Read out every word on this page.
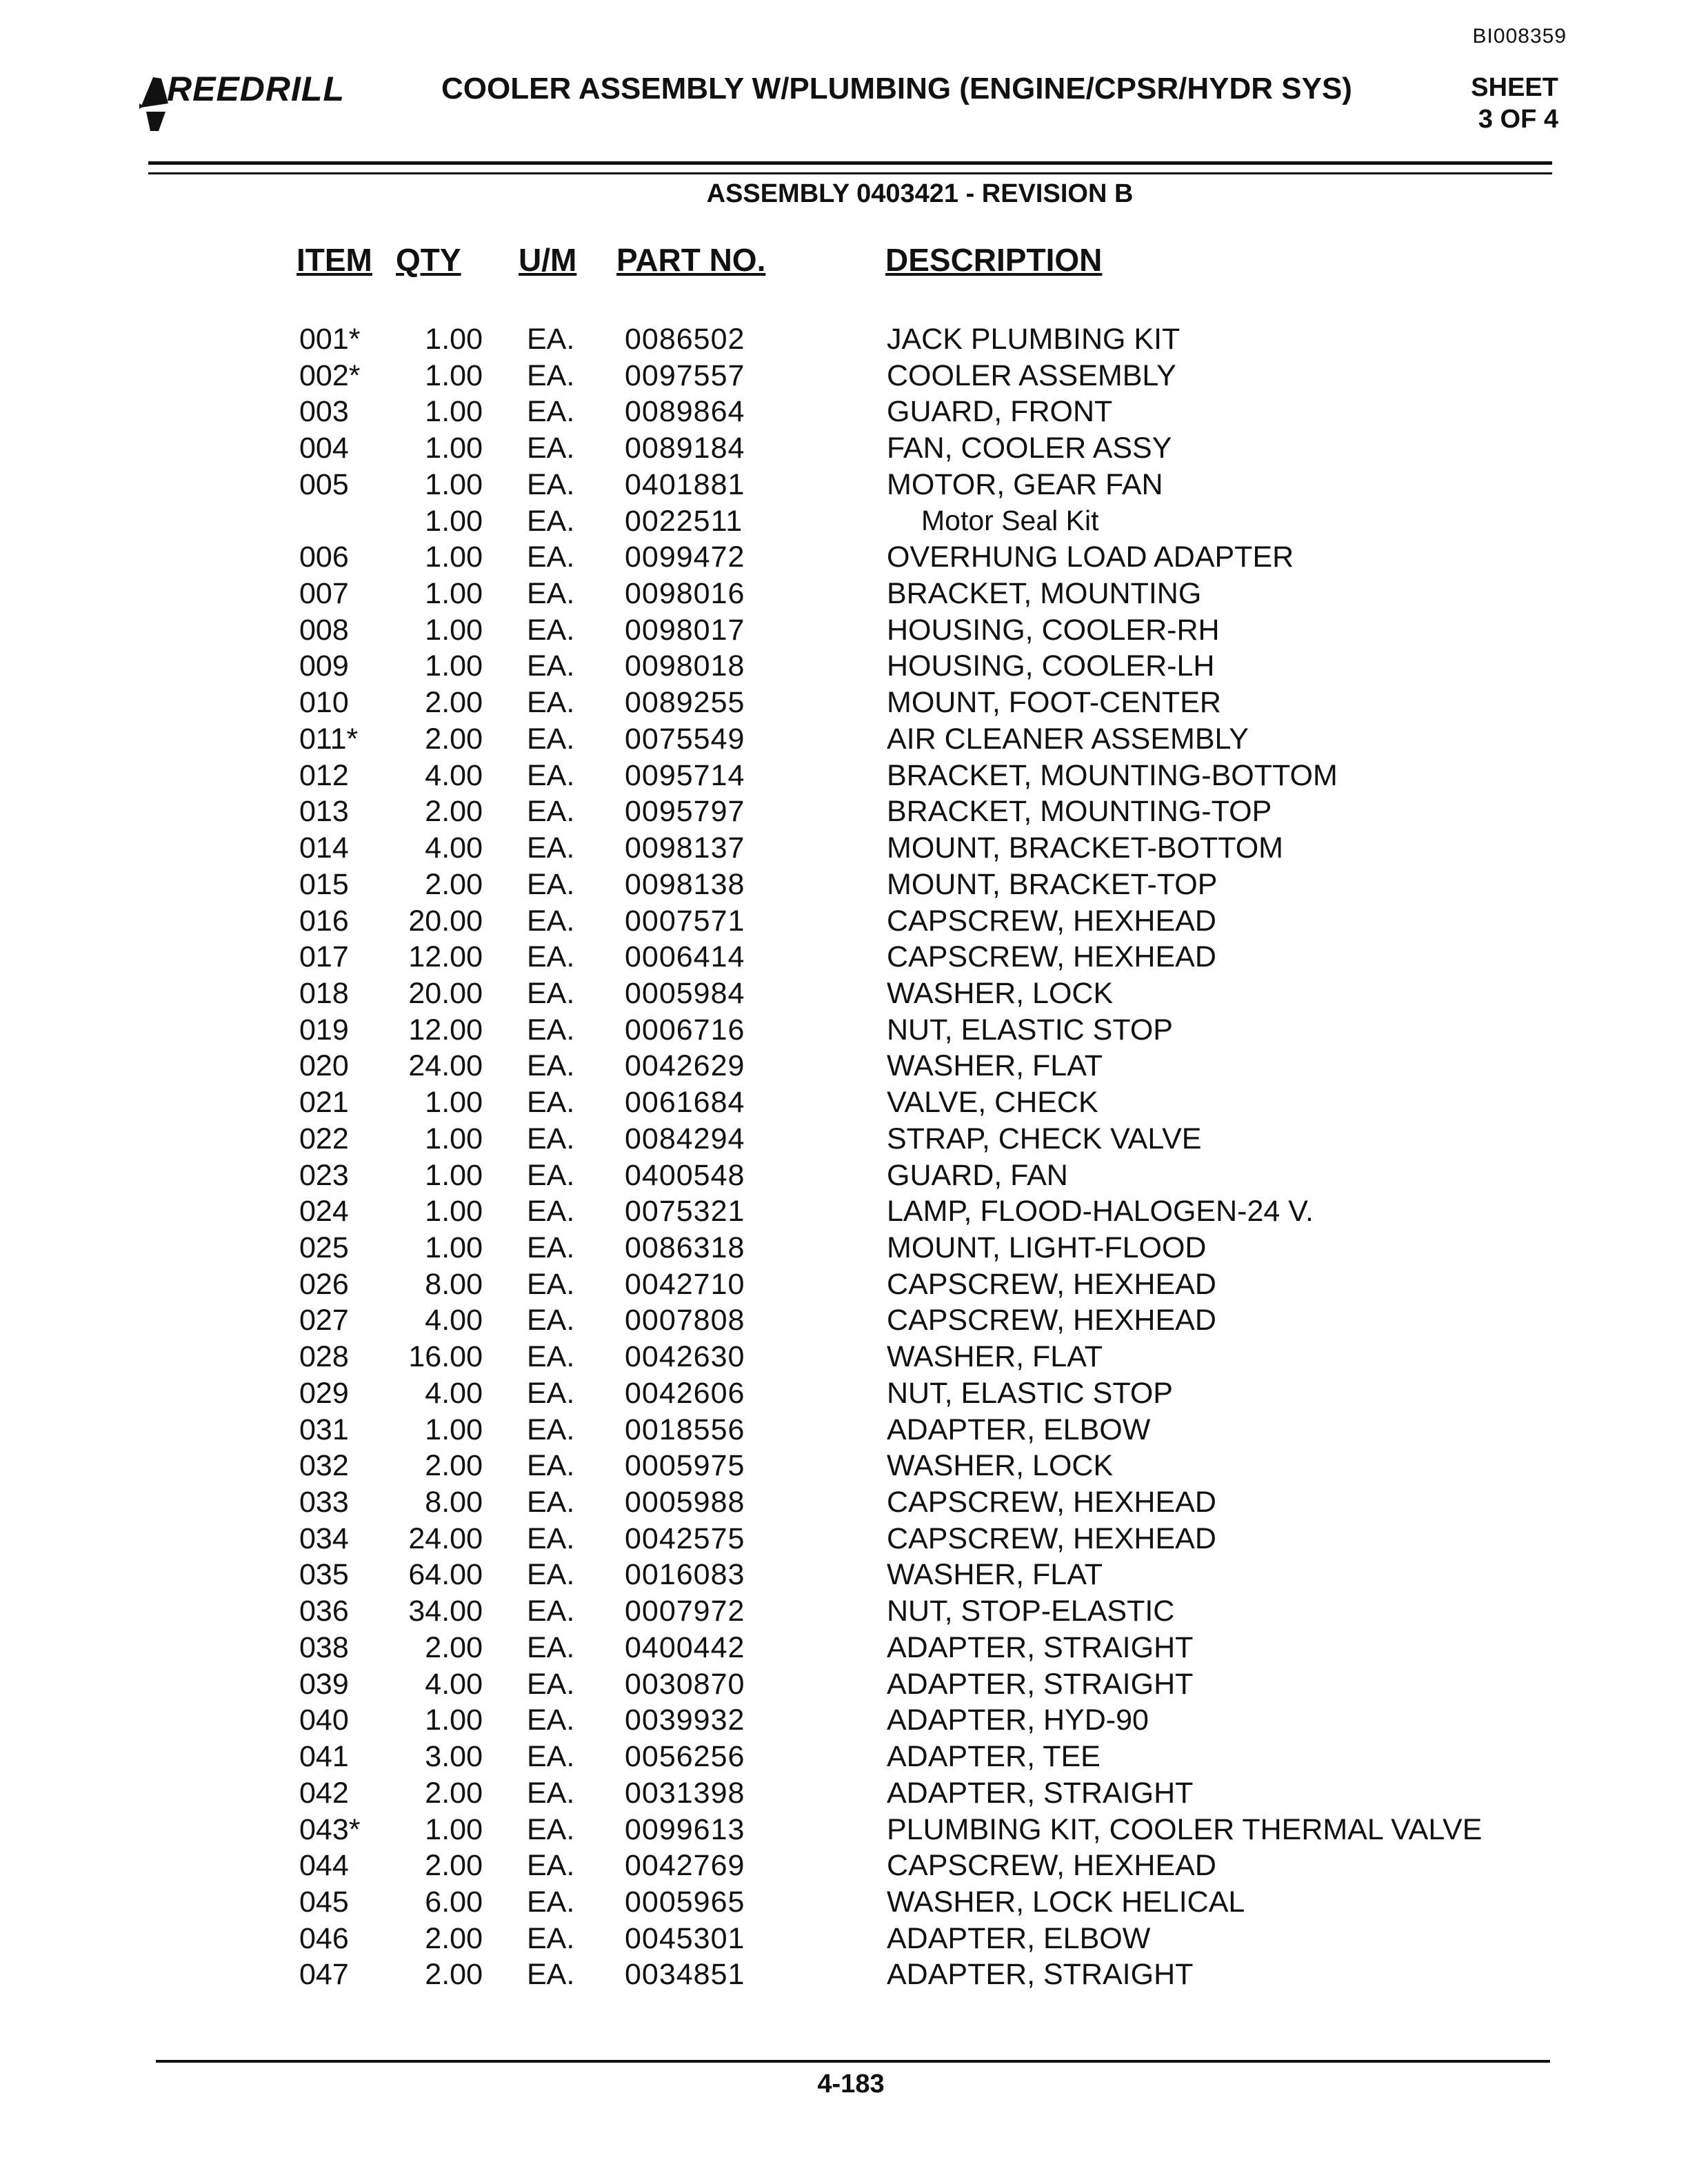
BI008359
REEDRILL	COOLER ASSEMBLY W/PLUMBING (ENGINE/CPSR/HYDR SYS)	SHEET
3 OF 4
ASSEMBLY 0403421 - REVISION B
ITEM QTY U/M PART NO.	DESCRIPTION
001*	1.00 EA. 0086502	JACK PLUMBING KIT
002*	1.00 EA. 0097557	COOLER ASSEMBLY
003	1.00 EA. 0089864	GUARD, FRONT
004	1.00 EA. 0089184	FAN, COOLER ASSY
005	1.00 EA. 0401881	MOTOR, GEAR FAN
1.00 EA. 0022511	Motor Seal Kit
006	1.00 EA. 0099472	OVERHUNG LOAD ADAPTER
007	1.00 EA. 0098016	BRACKET, MOUNTING
008	1.00 EA. 0098017	HOUSING, COOLER-RH
009	1.00 EA. 0098018	HOUSING, COOLER-LH
010	2.00 EA. 0089255	MOUNT, FOOT-CENTER
011*	2.00 EA. 0075549	AIR CLEANER ASSEMBLY
012	4.00 EA. 0095714	BRACKET, MOUNTING-BOTTOM
013	2.00 EA. 0095797	BRACKET, MOUNTING-TOP
014	4.00 EA. 0098137	MOUNT, BRACKET-BOTTOM
015	2.00 EA. 0098138	MOUNT, BRACKET-TOP
016	20.00 EA. 0007571	CAPSCREW, HEXHEAD
017	12.00 EA. 0006414	CAPSCREW, HEXHEAD
018	20.00 EA. 0005984	WASHER, LOCK
019	12.00 EA. 0006716	NUT, ELASTIC STOP
020	24.00 EA. 0042629	WASHER, FLAT
021	1.00 EA. 0061684	VALVE, CHECK
022	1.00 EA. 0084294	STRAP, CHECK VALVE
023	1.00 EA. 0400548	GUARD, FAN
024	1.00 EA. 0075321	LAMP, FLOOD-HALOGEN-24 V.
025	1.00 EA. 0086318	MOUNT, LIGHT-FLOOD
026	8.00 EA. 0042710	CAPSCREW, HEXHEAD
027	4.00 EA. 0007808	CAPSCREW, HEXHEAD
028	16.00 EA. 0042630	WASHER, FLAT
029	4.00 EA. 0042606	NUT, ELASTIC STOP
031	1.00 EA. 0018556	ADAPTER, ELBOW
032	2.00 EA. 0005975	WASHER, LOCK
033	8.00 EA. 0005988	CAPSCREW, HEXHEAD
034	24.00 EA. 0042575	CAPSCREW, HEXHEAD
035	64.00 EA. 0016083	WASHER, FLAT
036	34.00 EA. 0007972	NUT, STOP-ELASTIC
038	2.00 EA. 0400442	ADAPTER, STRAIGHT
039	4.00 EA. 0030870	ADAPTER, STRAIGHT
040	1.00 EA. 0039932	ADAPTER, HYD-90
041	3.00 EA. 0056256	ADAPTER, TEE
042	2.00 EA. 0031398	ADAPTER, STRAIGHT
043*	1.00 EA. 0099613	PLUMBING KIT, COOLER THERMAL VALVE
044	2.00 EA. 0042769	CAPSCREW, HEXHEAD
045	6.00 EA. 0005965	WASHER, LOCK HELICAL
046	2.00 EA. 0045301	ADAPTER, ELBOW
047	2.00 EA. 0034851	ADAPTER, STRAIGHT
4-183
